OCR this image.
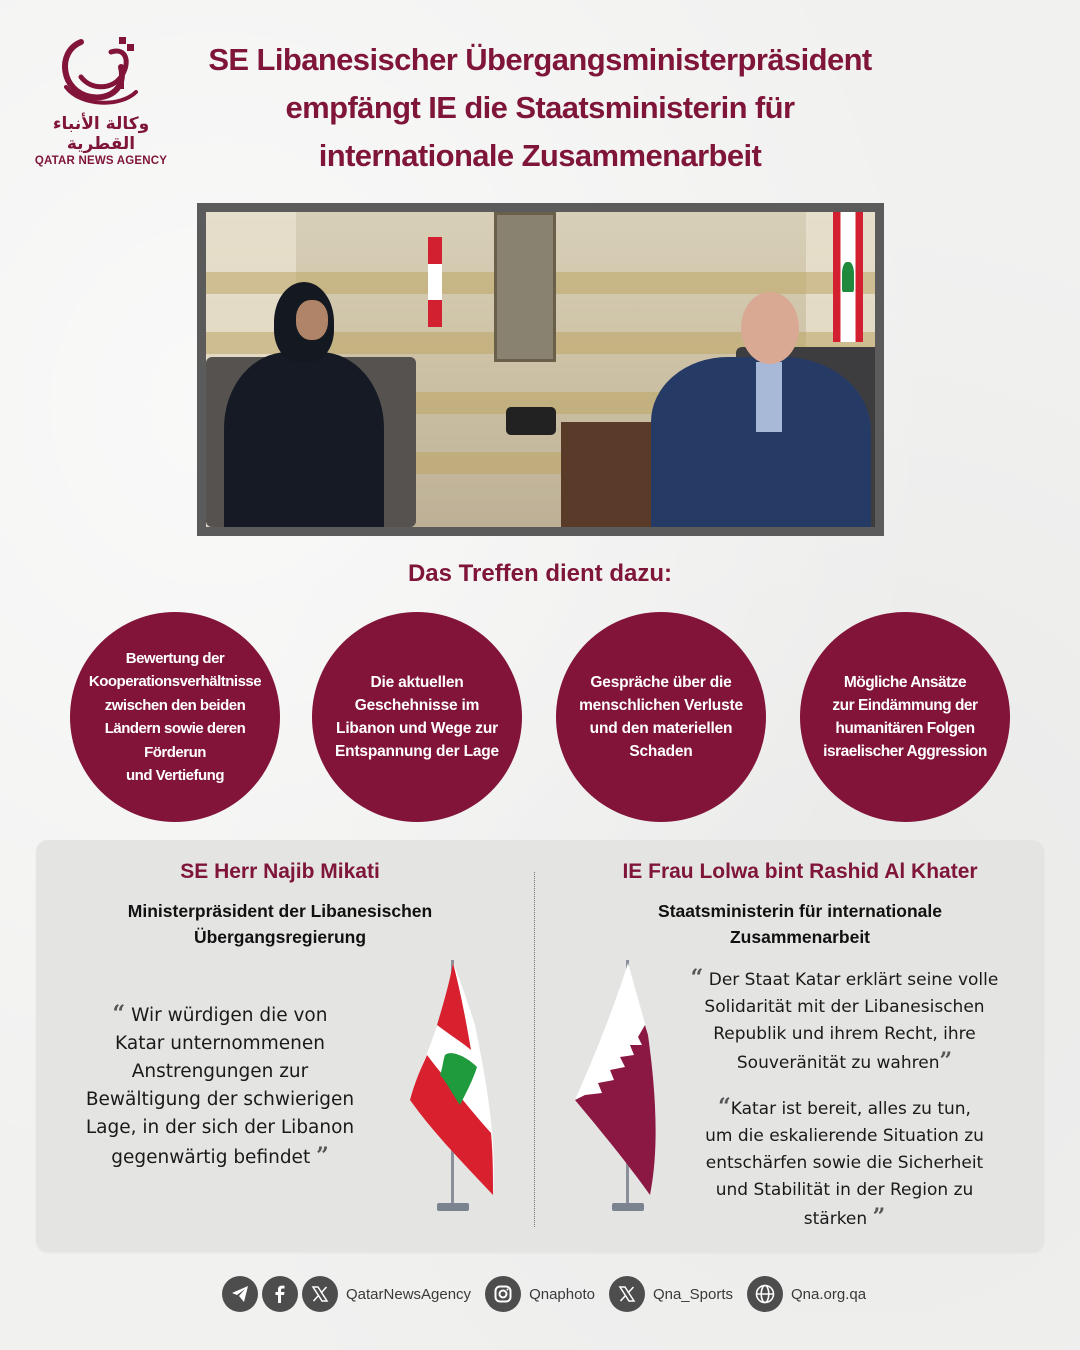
وكالة الأنباء القطرية
QATAR NEWS AGENCY
SE Libanesischer Übergangsministerpräsident
empfängt IE die Staatsministerin für
internationale Zusammenarbeit
Das Treffen dient dazu:
Bewertung der
Kooperationsverhältnisse
zwischen den beiden
Ländern sowie deren
Förderun
und Vertiefung
Die aktuellen
Geschehnisse im
Libanon und Wege zur
Entspannung der Lage
Gespräche über die
menschlichen Verluste
und den materiellen
Schaden
Mögliche Ansätze
zur Eindämmung der
humanitären Folgen
israelischer Aggression
SE Herr Najib Mikati
Ministerpräsident der Libanesischen
Übergangsregierung
“ Wir würdigen die von
Katar unternommenen
Anstrengungen zur
Bewältigung der schwierigen
Lage, in der sich der Libanon
gegenwärtig befindet ”
IE Frau Lolwa bint Rashid Al Khater
Staatsministerin für internationale
Zusammenarbeit
“ Der Staat Katar erklärt seine volle
Solidarität mit der Libanesischen
Republik und ihrem Recht, ihre
Souveränität zu wahren”
“Katar ist bereit, alles zu tun,
um die eskalierende Situation zu
entschärfen sowie die Sicherheit
und Stabilität in der Region zu
stärken ”
QatarNewsAgency	Qnaphoto	Qna_Sports	Qna.org.qa
